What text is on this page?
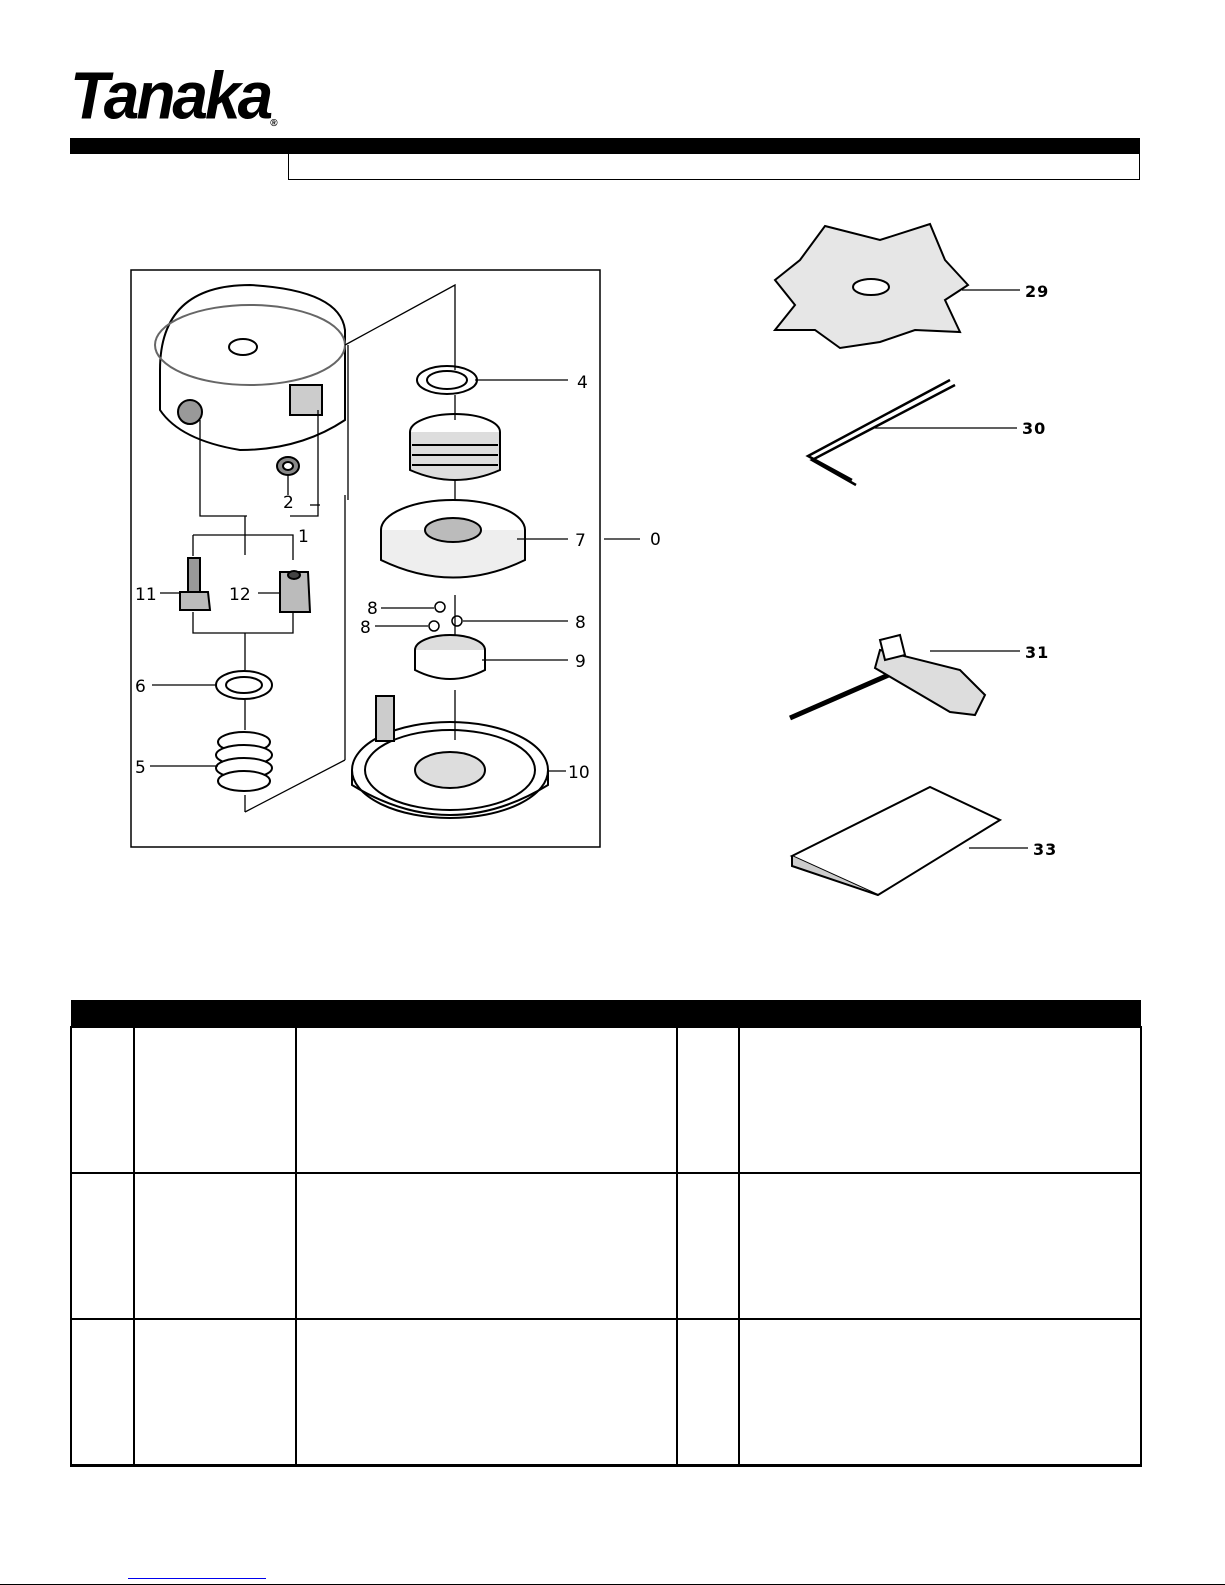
Tanaka®
0
1
2
4
5
6
7
8
8	8
9
10
11	12
29
30
31
33
